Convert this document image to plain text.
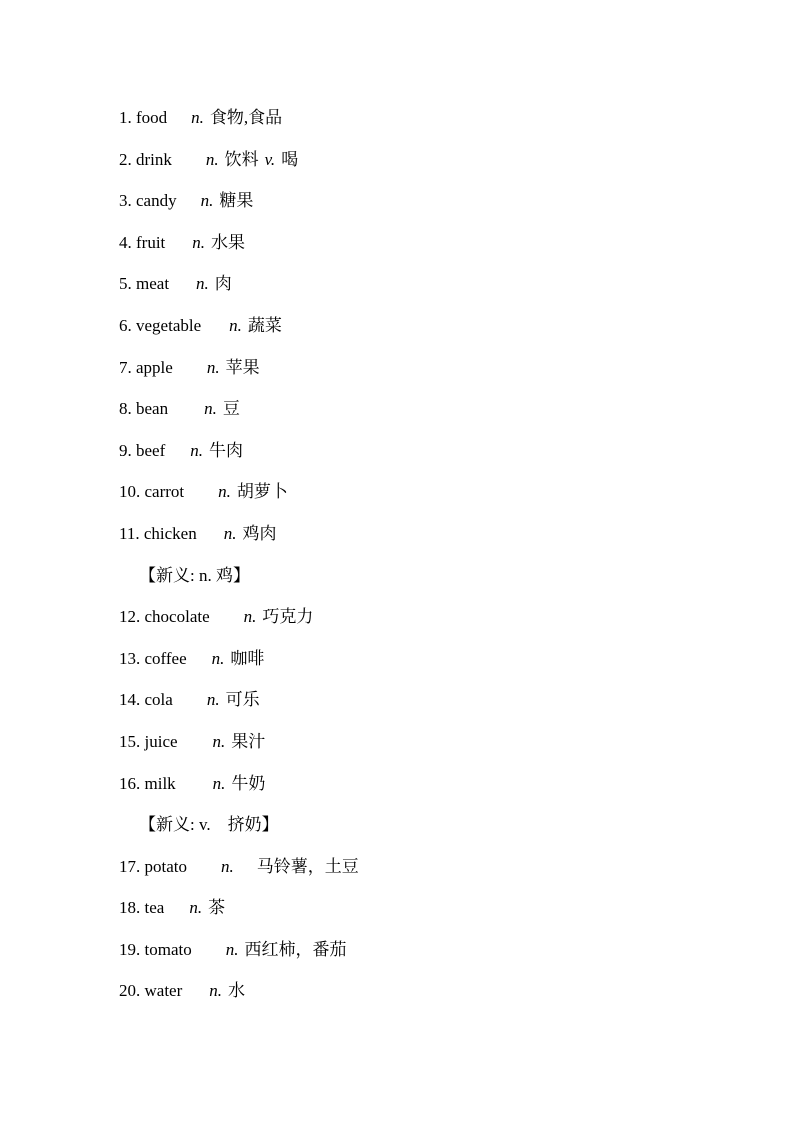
1. food n. 食物,食品
2. drink n. 饮料 v. 喝
3. candy n. 糖果
4. fruit n. 水果
5. meat n. 肉
6. vegetable n. 蔬菜
7. apple n. 苹果
8. bean n. 豆
9. beef n. 牛肉
10. carrot n. 胡萝卜
11. chicken n. 鸡肉
【新义: n. 鸡】
12. chocolate n. 巧克力
13. coffee n. 咖啡
14. cola n. 可乐
15. juice n. 果汁
16. milk n. 牛奶
【新义: v.　挤奶】
17. potato n.　马铃薯，土豆
18. tea n. 茶
19. tomato n. 西红柿，番茄
20. water n. 水
